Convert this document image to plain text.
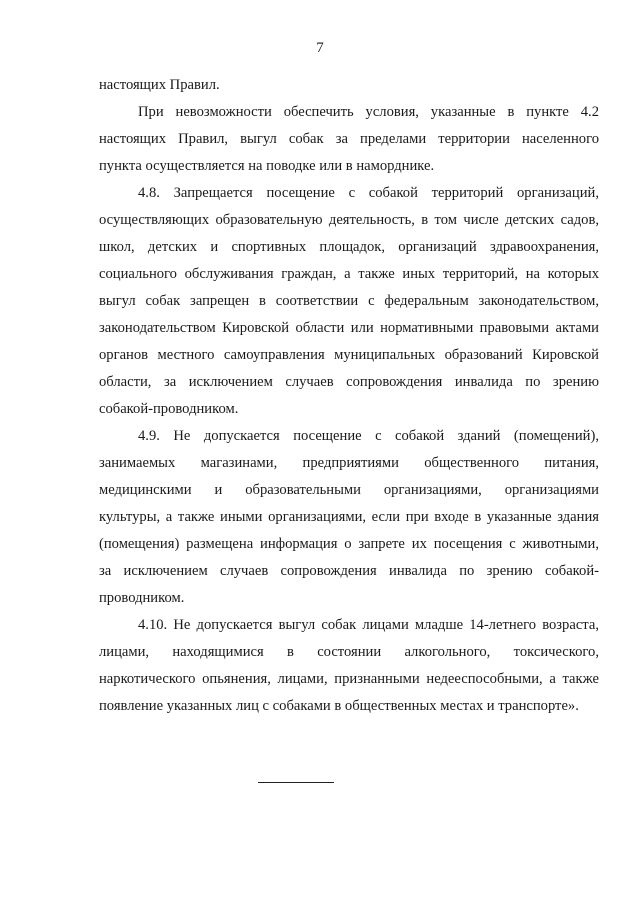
7
настоящих Правил.
При невозможности обеспечить условия, указанные в пункте 4.2
настоящих Правил, выгул собак за пределами территории населенного
пункта осуществляется на поводке или в наморднике.
4.8. Запрещается посещение с собакой территорий организаций,
осуществляющих образовательную деятельность, в том числе детских садов,
школ, детских и спортивных площадок, организаций здравоохранения,
социального обслуживания граждан, а также иных территорий, на которых
выгул собак запрещен в соответствии с федеральным законодательством,
законодательством Кировской области или нормативными правовыми актами
органов местного самоуправления муниципальных образований Кировской
области, за исключением случаев сопровождения инвалида по зрению
собакой-проводником.
4.9. Не допускается посещение с собакой зданий (помещений),
занимаемых магазинами, предприятиями общественного питания,
медицинскими и образовательными организациями, организациями
культуры, а также иными организациями, если при входе в указанные здания
(помещения) размещена информация о запрете их посещения с животными,
за исключением случаев сопровождения инвалида по зрению собакой-
проводником.
4.10. Не допускается выгул собак лицами младше 14-летнего возраста,
лицами, находящимися в состоянии алкогольного, токсического,
наркотического опьянения, лицами, признанными недееспособными, а также
появление указанных лиц с собаками в общественных местах и транспорте».
